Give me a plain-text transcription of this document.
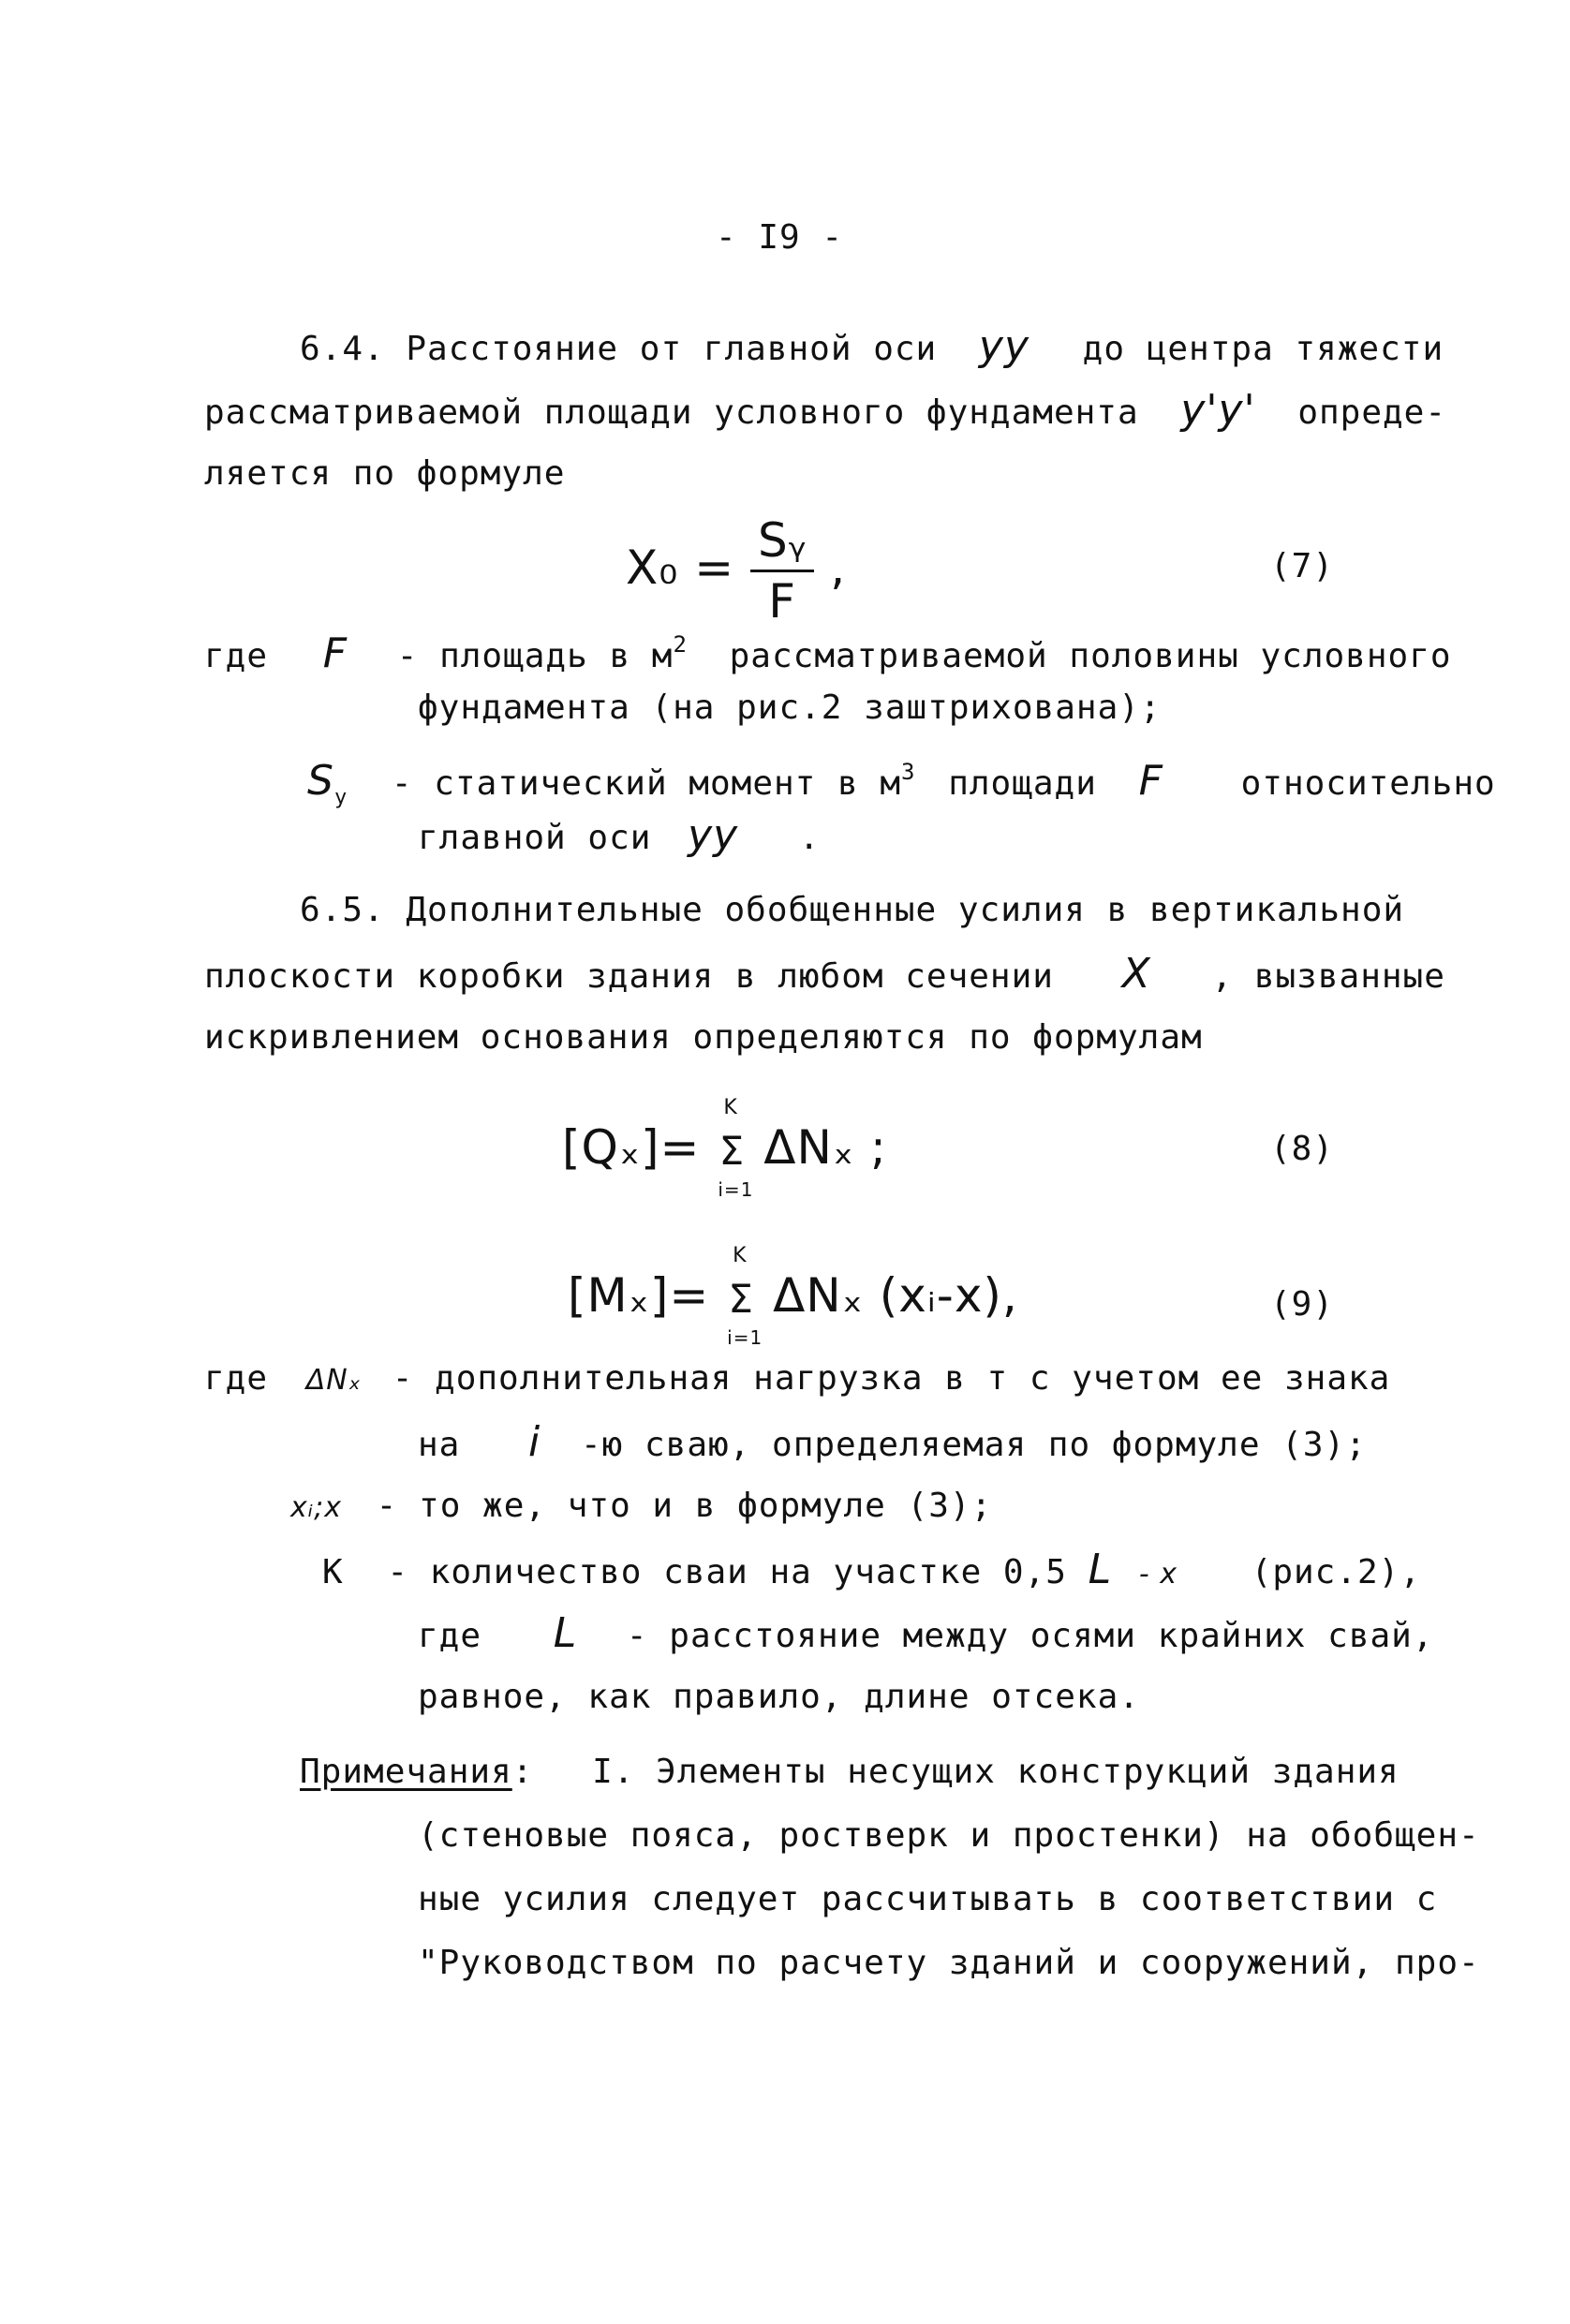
- I9 -
6.4. Расстояние от главной оси yy до центра тяжести
рассматриваемой площади условного фундамента y'y' опреде-
ляется по формуле
$X_0 = \frac{\text{Sᵧ}}{F}$ ,	(7)
где F - площадь в $м^2$ рассматриваемой половины условного
фундамента (на рис.2 заштрихована);
$S_y$ - статический момент в $м^3$ площади F относительно
главной оси yy .
6.5. Дополнительные обобщенные усилия в вертикальной
плоскости коробки здания в любом сечении X , вызванные
искривлением основания определяются по формулам
[Qₓ]=
K
Σ
i=1
ΔNₓ ;	(8)
[Mₓ]=
K
Σ
i=1
ΔNₓ (xᵢ-x),	(9)
где ΔNₓ - дополнительная нагрузка в т с учетом ее знака
на i -ю сваю, определяемая по формуле (3);
xᵢ;x - то же, что и в формуле (3);
K - количество сваи на участке 0,5 L - x (рис.2),
где L - расстояние между осями крайних свай,
равное, как правило, длине отсека.
Примечания: I. Элементы несущих конструкций здания
(стеновые пояса, ростверк и простенки) на обобщен-
ные усилия следует рассчитывать в соответствии с
"Руководством по расчету зданий и сооружений, про-
